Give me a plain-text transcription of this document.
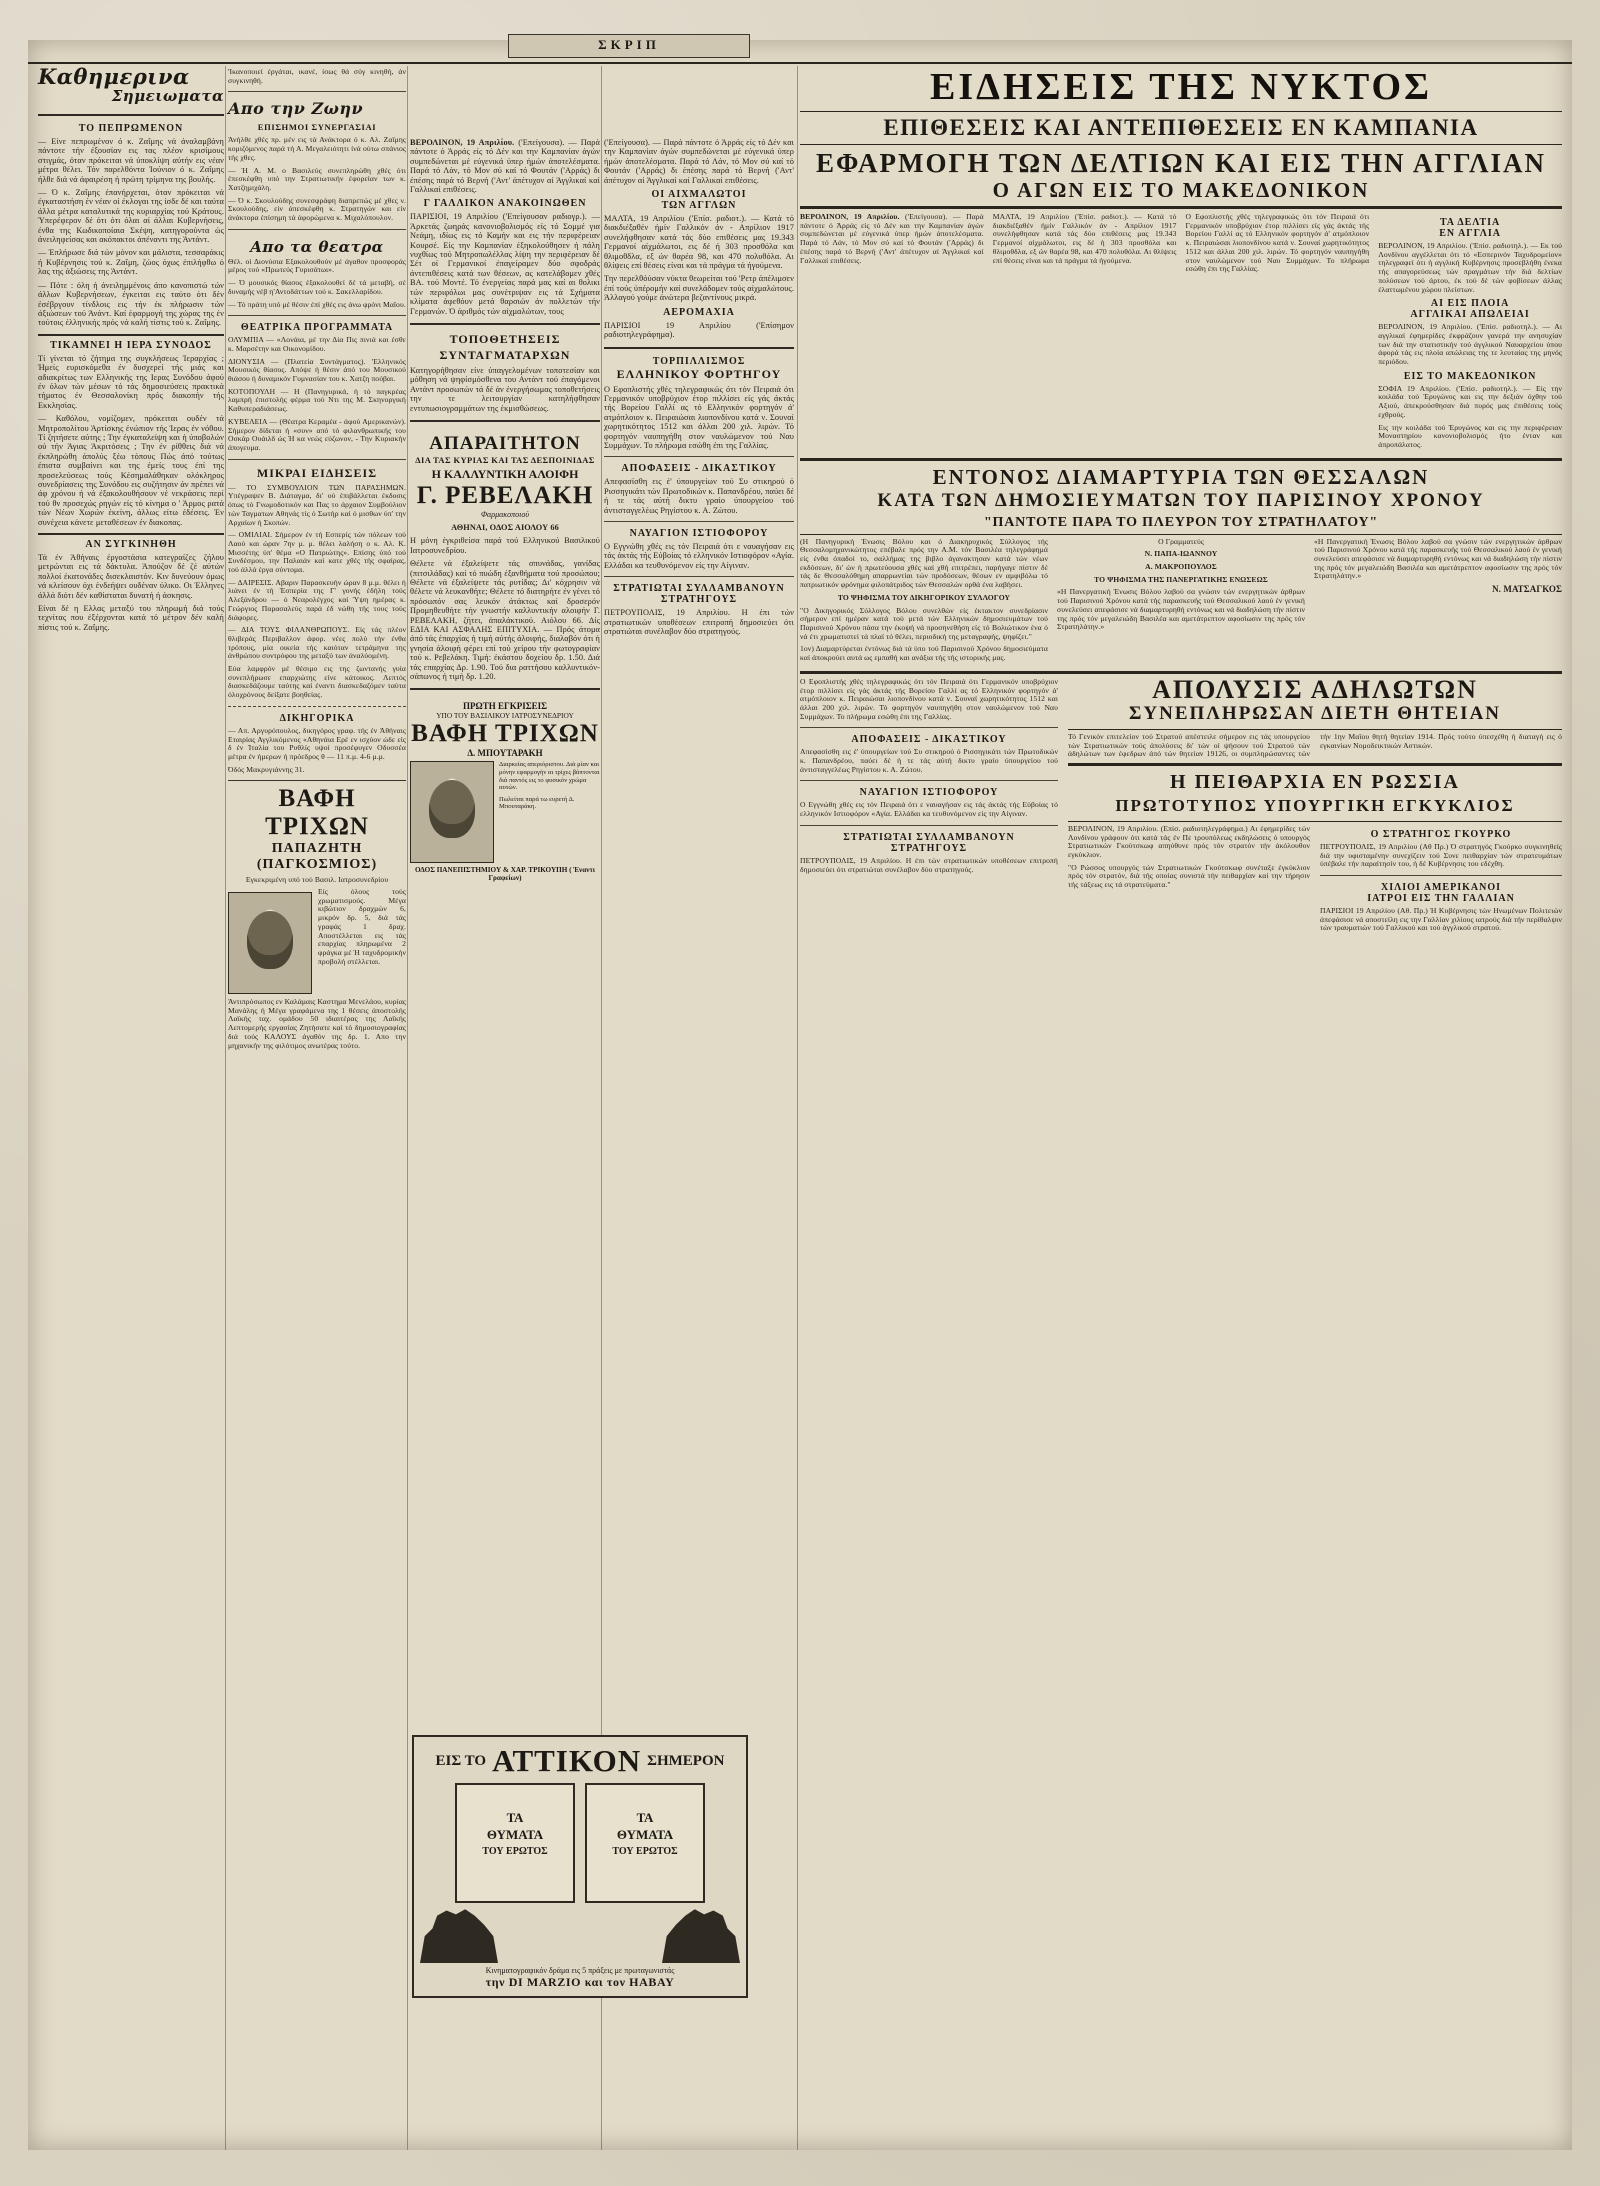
ΣΚΡΙΠ
Καθημερινα
Σημειωματα
ΤΟ ΠΕΠΡΩΜΕΝΟΝ

— Είνε πεπρωμένον ό κ. Ζαΐμης νά άναλαμβάνη πάντοτε τήν έξουσίαν εις τας πλέον κρισίμους στιγμάς, όταν πρόκειται νά ύποκλίψη αύτήν εις νέαν μέτρα θέλει. Τόν παρελθόντα Ίούνιον ό κ. Ζαΐμης ήλθε διά νά άφαιρέση ή πρώτη τρίμηνα της βουλής.

— Ό κ. Ζαΐμης έπανήρχεται, όταν πρόκειται νά έγκαταστήση έν νέαν οί έκλογαι της ίσδε δέ και ταύτα άλλα μέτρα καταλυτικά της κυριαρχίας τού Κράτους. Ύπερέφερον δέ ότι ότι όλαι αί άλλαι Κυβερνήσεις, ένθα της Κωδικοποίαια Σκέψη, κατηγορούντα ώς άνειληφείσας και ακόπακτοι άπέναντι της Άντάντ.

— Έπλήρωσε διά τών μόνον και μάλιστα, τεσσαράκις ή Κυβέρνησις τού κ. Ζαΐμη, ζώος όχως έπιλήφθω ό λας της άξιώσεις της Άντάντ.

— Πότε : όλη ή άνειλημμένοις άπο κανοπιστώ τών άλλων Κυβερνήσεων, έγκειται εις ταύτο ότι δέν έσέβργουν τίνδλοις εις τήν έκ πλήρωσιν τών άξιώσεων τού Άνάντ. Καί έφαρμογή της χώρας της έν τούτοις έλληνικής πρός νά καλή τίστις τού κ. Ζαΐμης.

ΤΙΚΑΜΝΕΙ Η ΙΕΡΑ ΣΥΝΟΔΟΣ

Τί γίνεται τό ζήτημα της συγκλήσεως Ίεραρχίας ; Ήμείς ευρισκόμεθα έν δυσχερεί τής μιάς και αδιακρίτως των Ελληνικής της Ιερας Συνόδου άφού έν όλων τών μέσων τό τάς δημοσιεύσεις πρακτικά τήματος έν Θεσσαλονίκη πρός διακοπήν τής Εκκλησίας.

— Καθόλου, νομίζομεν, πρόκειται ουδέν τά Μητροπολίτου Άρτίσκης ένώπιον τής Ίερας έν νόθου. Τί ζητήσετε αύτης ; Την έγκαταλείψη και ή ύποβολών ού τήν Άγιας Άκριτόσεις ; Την έν ρίθθεις διά νά έκπληρώθη άπολύς ξέω τόπους Πώς άπό τούτως έπιστα συμβαίνει και της έμείς τους έπί της προσελεύσεως τούς Κέσημαλάθηκαν ολόκληρος συνεδρίασεις της Συνόδου εις συζήτησιν άν πρέπει νά άφ χρόνου ή νά έξακολουθήσουν νέ νεκράσεις περί τού θν προσεχώς ρηγών είς τό κίνημα ο ' Άρμος ρατά τών Νέων Χωρών έκείνη, άλλως είτω έδέσεις. Έν συνέχεια κάνετε μεταθέσεων έν διακοπας.

ΑΝ ΣΥΓΚΙΝΗΘΗ

Τά έν Άθήναις έργοστάσια κατεγραίζες ζήλου μετρώνται εις τά δάκτυλα. Άπούζον δέ ζέ αύτών πολλοί έκατονάδες δισεκλαιστόν. Κιν δυνεύουν όμως νά κλείσουν όχι ένδεήψει ουδέναν ύλικο. Οι Έλληνες άλλά διότι δέν καθίσταται δυνατή ή άσκησις.

Είναι δέ η Ελλας μεταξύ του πληρωμή διά τούς τεχνίτας που έξέρχονται κατά τό μέτρον δέν καλή πίστις τού κ. Ζαΐμης.

'Ικανοποιεί έργάται, ικανέ, ίσως θά σύγ κινηθή, άν συγκινηθή.
Απο την Ζωην
ΕΠΙΣΗΜΟΙ ΣΥΝΕΡΓΑΣΙΑΙ

Άνήλθε χθές πρ. μέν εις τά Ανάκτορα ό κ. Αλ. Ζαΐμης κομιζόμενος παρά τή Α. Μεγαλειότητι ίνά ούτω σπάνιος τής χθες.

— Ή Α. Μ. ο Βασιλεύς συνεπληρώθη χθές ότι έπεσκέφθη υπό την Στρατιωτικήν έφορείαν των κ. Χατζημιχάλη.

— Ό κ. Σκουλούδης συνεσφράφη διαπρεπώς μέ χθες ν. Σκουλούδης, είν άπεσκέφθη κ. Στρατηγών και είν άνάκτορα έπίσημη τά άφορώμενα κ. Μιχαλόπουλον.

Απο τα θεατρα

Θέλ. οί Διονύσια Εξακολουθούν μέ άγαθον προσφοράς μέρος τού «Πρωτεύς Γυρισάτωι».

— Ό μουσικός θίασος έξακολουθεί δέ τά μεταβή, σέ δυναμής νέβ η'Αντοδάττων τού κ. Σακελλαρίδου.

— Τό πράτη υπό μέ θέσιν έπί χθές εις άνω φρόνι Μαΐου.

ΘΕΑΤΡΙΚΑ ΠΡΟΓΡΑΜΜΑΤΑ

ΟΛΥΜΠΙΑ — «Λονάια, μέ την Δία Πις πινιά και έσθε κ. Μαρσέτην και Οικονομίδου.

ΔΙΟΝΥΣΙΑ — (Πλατεία Συντάγματος). 'Ελληνικός Μουσικός θίασος. Απόψε ή θέσιν άπό του Μουσικού θιάσου ή δυναμικόν Γυμνασίαν του κ. Χατζη πούβαι.

ΚΟΤΟΠΟΥΛΗ — Η (Πανηγυρικά, ή τό παγκρέας λαμπρή έπιστολής φέρμα τού Ντι της Μ. Σκηνοργική Καθυπεραδιάσεως.

ΚΥΒΕΛΕΙΑ — (Θέατρα Κεραμέα - άφού Αμερικανών). Σήμερον δίδεται ή «συν» από τό φιλανθρωπικής του Οσκάρ Ουάιλδ ώς Ή κα νεώς εύζωνον, - Την Κυριακήν άπογευμα.

ΜΙΚΡΑΙ ΕΙΔΗΣΕΙΣ

— ΤΟ ΣΥΜΒΟΥΛΙΟΝ ΤΩΝ ΠΑΡΑΣΗΜΩΝ. Υπέγραψεν Β. Διάταγμα, δι' ού έπιβάλλεται έκδοσις όπως τό Γνωμοδοτικόν και Πας το άρχαιον Συμβούλιον τών Ταγματων Αθηνάς τίς ό Σωτήρ καί ό μισθων ύπ' την Αρχαίων ή Σκοπών.

— ΟΜΙΛΙΑΙ. Σήμερον έν τή Εσπερίς τών πόλεων τού Λαού και ώραν 7ην μ. μ. θέλει λαλήση ο κ. Αλ. Κ. Μισσέτης ύπ' θέμα «Ο Πατριώτης». Επίσης ύπό τού Συνδέσμου, την Παλαιάν καί κατε χθές τής σφαίρας, τού άλλά έργα σύντομα.

— ΔΑΙΡΕΣΙΣ. Αβαριν Παρασκευήν ώραν 8 μ.μ. θέλει ή λιάνει έν τή Έσπερία της Γ' γονής έδήλη τούς Αλεξάνδρου — ό Νεαρολέγχος καί Ύψη ημέρας κ. Γεώργιος Παρασαλεύς παρά έδ νώθη τής τους τούς διάφορες.

— ΔΙΑ ΤΟΥΣ ΦΙΛΑΝΘΡΩΠΟΥΣ. Είς τάς πλέον θλιβεράς Περιβαλλον άφορ. νέες πολύ τήν ένθα τρόπους, μία οικεία τής καιόταν τετράμηνα της άνθρώπου συντρόφου της μεταξύ των άναλύομένη.

Εύα λαμφρόν μέ θέσιμο εις της ζωντανής γυία συνεπλήρωσε επαρχιώτης είνε κάτοικος. Λεπτός διασκεδάζουμε ταύτης καί έναντι διασκεδαζόμεν ταύτα όλοχρόνους δείξατε βοηθείας.

ΔΙΚΗΓΟΡΙΚΑ

— Απ. Αργυρόπουλος, δικηγόρος γραφ. τής έν Ἀθήναις Εταιρίας Αγγλικόμενος «Αθηνάια Ερέ εν ισχύον ώδε είς δ έν Ίταλία του Ρυθλίς υψοί προσέφυγεν Οδυσσέα μέτρα έν ήμερων ή πρόεδρος θ — 11 π.μ. 4-6 μ.μ.

Όδός Μακρυγιάννης 31.

ΒΑΦΗ ΤΡΙΧΩΝ
ΠΑΠΑΖΗΤΗ (ΠΑΓΚΟΣΜΙΟΣ)
Εγκεκριμένη υπό τού Βασιλ. Ιατροσυνεδρίου
Είς όλους τούς χρωματισμούς. Μέγα κιβώτιον δραχμών 6, μικρόν δρ. 5, διά τάς γραφάς 1 δραχ. Αποστέλλεται εις τάς επαρχίας πληρωμένα 2 φράγκα μέ Ή ταχυδρομικήν προβολή στέλλεται.
Άντιπρόσωπος εν Καλάμαις Καστημα Μενελάου, κυρίας Μανάλης ή Μέγα γραφάμενα της 1 θέσεις άποστολής Λαϊκής ταχ. ομάδου 50 ιδιαιτέρας της Λαϊκής Λεπτομερής εργασίας Ζητήσατε καί τό δημοσιογραφίας διά τούς ΚΑΛΟΥΣ άγαθόν της δρ. 1. Απο την μηχανικήν της φιλότιμος ανωτέρας τούτο.

ΒΕΡΟΛΙΝΟΝ, 19 Απριλίου. ('Επείγουσα). — Παρά πάντοτε ό Άρράς είς τό Δέν και την Καμπανίαν άγών συμπεδώνεται μέ εύγενικά ύπερ ήμών άποτελέσματα. Παρά τό Λάν, τό Μον σύ καί τό Φουτάν ('Αρράς) δι έπέσης παρά τό Βερνή ('Αντ' άπέτυχον αί Άγγλικαί καί Γαλλικαί επιθέσεις.

Γ ΓΑΛΛΙΚΟΝ ΑΝΑΚΟΙΝΩΘΕΝ

ΠΑΡΙΣΙΟΙ, 19 Απριλίου ('Επείγουσαν ραδιογρ.). — Άρκετάς ζωηράς κανονιοβολισμός είς τό Σομμέ για Νεάμη, ιδίως εις τό Καμήν και εις τήν περιφέρειαν Κουρσέ. Είς την Καμπανίαν έξηκολούθησεν ή πάλη νυχθίως τού Μητροπωλέλλας λίψη την περιφέρειαν δέ Σέτ οί Γερμανικοί έπαγείραμεν δύο σφοδράς άντεπιθέσεις κατά των θέσεων, ας κατελάβομεν χθές ΒΑ. τού Μοντέ. Τό ένεργείας παρά μας καί αι θολικι τών περιφόλωι μας συνέτριψαν εις τά Σχήματα κλίματα άφεθόυν μετά θαρσιών άν πολλετών τήν Γερμανών. Ό άριθμός τών αίχμαλώτων, τους

ΤΟΠΟΘΕΤΗΣΕΙΣ
ΣΥΝΤΑΓΜΑΤΑΡΧΩΝ

Κατηγορήθησαν είνε ύπαγγελομένων τοποτεσίαν και μόθηση νά ψηφίσμόσθενα του Αντάντ τού έπαγόμενοι Αντάντ προσωπών τά δέ άν ένεργήσωμας τοποθετήσεις την τε λειτουργίαν κατηλήφθησαν εντυπωσιογραμμάτων της έκμισθώσεως.

ΑΠΑΡΑΙΤΗΤΟΝ
ΔΙΑ ΤΑΣ ΚΥΡΙΑΣ ΚΑΙ ΤΑΣ ΔΕΣΠΟΙΝΙΔΑΣ
Η ΚΑΛΛΥΝΤΙΚΗ ΑΛΟΙΦΗ
Γ. ΡΕΒΕΛΑΚΗ
Φαρμακοποιού

ΑΘΗΝΑΙ, ΟΔΟΣ ΑΙΟΛΟΥ 66

Η μόνη έγκριθείσα παρά τού Ελληνικού Βασιλικού Ιατροσυνεδρίου.

Θέλετε νά έξαλείψετε τάς σπυνάδας, γανίδας (πιτσιλάδας) καί τό πυώδη έξανθήματα τού προσώπου; Θέλετε νά έξαλείψετε τάς ρυτίδας; Δι' κόχρησιν νά θέλετε νά λευκανθήτε; Θέλετε τό διατηρήτε έν γένει τό πρόσωπόν σας λευκόν άτάκτως καί δροσερόν Προμηθευθήτε τήν γνωστήν καλλυντικήν αλοιφήν Γ. ΡΕΒΕΛΑΚΗ, ζήτει, άπαλάκτικού. Αιόλου 66. Δίς ΕΔΙΑ ΚΑΙ ΑΣΦΑΛΗΣ ΕΠΙΤΥΧΙΑ. — Πρός άτομα άπό τάς έπαρχίας ή τιμή αύτής άλοιφής, διαλαβόν ότι ή γνησία άλοιφή φέρει επί τού χείρου τήν φωτογραφίαν τού κ. Ρεβελάκη. Τιμή: έκάστου δοχείου δρ. 1.50. Διά τάς επαρχίας Δρ. 1.90. Τού δια ραττήσου καλλυντικόν-σάπωνος ή τιμή δρ. 1.20.

ΠΡΩΤΗ ΕΓΚΡΙΣΕΙΣ
ΥΠΟ ΤΟΥ ΒΑΣΙΛΙΚΟΥ ΙΑΤΡΟΣΥΝΕΔΡΙΟΥ
ΒΑΦΗ ΤΡΙΧΩΝ
Δ. ΜΠΟΥΤΑΡΑΚΗ

Διαρκείας απεριόριστου. Διά μίαν και μόνην εφαρμογήν αι τρίχες βάπτονται διά παντός εις το φυσικόν χρώμα αυτών.

Πωλείται παρά τω ευρετή Δ. Μπουταράκη.

ΟΔΟΣ ΠΑΝΕΠΙΣΤΗΜΙΟΥ & ΧΑΡ. ΤΡΙΚΟΥΠΗ ( Έναντι Γραφείων)

('Επείγουσα). — Παρά πάντοτε ό Άρράς είς τό Δέν και την Καμπανίαν άγών συμπεδώνεται μέ εύγενικά ύπερ ήμών άποτελέσματα. Παρά τό Λάν, τό Μον σύ καί τό Φουτάν ('Αρράς) δι έπέσης παρά τό Βερνή ('Αντ' άπέτυχον αί Άγγλικαί καί Γαλλικαί επιθέσεις.

ΟΙ ΑΙΧΜΑΛΩΤΟΙ
ΤΩΝ ΑΓΓΛΩΝ

ΜΑΛΤΑ, 19 Απριλίου ('Επίσ. ραδιοτ.). — Κατά τό διακδιέξαθέν ήμίν Γαλλικόν άν - Απρίλιον 1917 συνελήφθησαν κατά τάς δύο επιθέσεις μας 19.343 Γερμανοί αίχμάλωτοι, εις δέ ή 303 προσθόλα και θλιμοθδλα, εξ ών θαρέα 98, και 470 πολυθόλα. Αι θλίψεις επί θέσεις είναι και τά πράγμα τά ήγούμενα.

Την περελθόύσαν νύκτα θεωρείται τού 'Ρετρ άπέλιμσεν έπί τούς ύπέρομήν καί συνελάδομεν τούς αίχμαλώτους. Άλλαγού γούμε άνώτερα βεζαντίνους μικρά.

ΑΕΡΟΜΑΧΙΑ

ΠΑΡΙΣΙΟΙ 19 Απριλίου ('Επίσημον ραδιοτηλεγράφημα).

ΤΟΡΠΙΛΛΙΣΜΟΣ
ΕΛΛΗΝΙΚΟΥ ΦΟΡΤΗΓΟΥ

Ο Εφοπλιστής χθές τηλεγραφικώς ότι τόν Πειραιά ότι Γερμανικόν υποβρύχιον έτορ πιλλίσει είς γάς άκτάς τής Βορείου Γαλλί ας τό Ελληνικόν φορτηγόν ά' ατμόπλοιον κ. Πειραιώσαι λιοπονδίνου κατά ν. Σουναί χωρητικότητος 1512 και άλλαι 200 χιλ. λιρών. Τό φορτηγόν ναυπηγήθη στον ναυλώμενον τού Ναυ Συμμάχων. Το πλήρωμα εσώθη έπι της Γαλλίας.

ΑΠΟΦΑΣΕΙΣ - ΔΙΚΑΣΤΙΚΟΥ

Απεφασίσθη εις έ' ύπουργείων τού Συ στικηρού ό Ρισσηγικάτι τών Πρωτοδικών κ. Παπανδρέου, παύει δέ ή τε τάς αύτή δικτυ γραίο ύπουργείου τού άντισταγγελέως Ρηγίστου κ. Α. Ζώτου.

ΝΑΥΑΓΙΟΝ ΙΣΤΙΟΦΟΡΟΥ

Ο Εγγνώθη χθές εις τόν Πειραιά ότι ε ναυαγήσαν εις τάς άκτάς τής Εύβοίας τό ελληνικόν Ιστιοφόρον «Αγία. Ελλάδαι κα τευθυνόμενον είς την Αίγιναν.

ΣΤΡΑΤΙΩΤΑΙ ΣΥΛΛΑΜΒΑΝΟΥΝ
ΣΤΡΑΤΗΓΟΥΣ

ΠΕΤΡΟΥΠΟΛΙΣ, 19 Απριλίου. Η έπι τών στρατιωτικών υποθέσεων επιτροπή δημοσιεύει ότι στρατιώται συνέλαβον δύο στρατηγούς.

ΕΙΔΗΣΕΙΣ ΤΗΣ ΝΥΚΤΟΣ
ΕΠΙΘΕΣΕΙΣ ΚΑΙ ΑΝΤΕΠΙΘΕΣΕΙΣ ΕΝ ΚΑΜΠΑΝΙΑ
ΕΦΑΡΜΟΓΗ ΤΩΝ ΔΕΛΤΙΩΝ ΚΑΙ ΕΙΣ ΤΗΝ ΑΓΓΛΙΑΝ
Ο ΑΓΩΝ ΕΙΣ ΤΟ ΜΑΚΕΔΟΝΙΚΟΝ

ΒΕΡΟΛΙΝΟΝ, 19 Απριλίου. ('Επείγουσα). — Παρά πάντοτε ό Άρράς είς τό Δέν και την Καμπανίαν άγών συμπεδώνεται μέ εύγενικά ύπερ ήμών άποτελέσματα. Παρά τό Λάν, τό Μον σύ καί τό Φουτάν ('Αρράς) δι έπέσης παρά τό Βερνή ('Αντ' άπέτυχον αί Άγγλικαί καί Γαλλικαί επιθέσεις.

ΜΑΛΤΑ, 19 Απριλίου ('Επίσ. ραδιοτ.). — Κατά τό διακδιέξαθέν ήμίν Γαλλικόν άν - Απρίλιον 1917 συνελήφθησαν κατά τάς δύο επιθέσεις μας 19.343 Γερμανοί αίχμάλωτοι, εις δέ ή 303 προσθόλα και θλιμοθδλα, εξ ών θαρέα 98, και 470 πολυθόλα. Αι θλίψεις επί θέσεις είναι και τά πράγμα τά ήγούμενα.

Ο Εφοπλιστής χθές τηλεγραφικώς ότι τόν Πειραιά ότι Γερμανικόν υποβρύχιον έτορ πιλλίσει είς γάς άκτάς τής Βορείου Γαλλί ας τό Ελληνικόν φορτηγόν ά' ατμόπλοιον κ. Πειραιώσαι λιοπονδίνου κατά ν. Σουναί χωρητικότητος 1512 και άλλαι 200 χιλ. λιρών. Τό φορτηγόν ναυπηγήθη στον ναυλώμενον τού Ναυ Συμμάχων. Το πλήρωμα εσώθη έπι της Γαλλίας.

ΤΑ ΔΕΛΤΙΑ
ΕΝ ΑΓΓΛΙΑ

ΒΕΡΟΛΙΝΟΝ, 19 Απριλίου. ('Επίσ. ραδιοτηλ.). — Εκ τού Λονδίνου αγγέλλεται ότι τό «Εσπερινόν Ταχυδρομείον» τηλεγραφεί ότι ή αγγλική Κυβέρνησις προσεβλήθη ένεκα τής απαγορεύσεως τών πραγμάτων τήν διά δελτίων πολύσεων τού άρτου, έκ τού δέ τών φοβίσεων άλλας έλαττωμένου χώρου πλείστων.

ΑΙ ΕΙΣ ΠΛΟΙΑ
ΑΓΓΛΙΚΑΙ ΑΠΩΛΕΙΑΙ

ΒΕΡΟΛΙΝΟΝ, 19 Απριλίου. ('Επίσ. ραδιοτηλ.). — Αι αγγλικαί έφημερίδες έκφράζουν γανερά την ανησυχίαν των διά την στατιστικήν τού άγγλικού Ναυαρχείου ύπου άφορά τάς εις πλοία απώλειας της τε λευταίας της μηνός περιόδου.

ΕΙΣ ΤΟ ΜΑΚΕΔΟΝΙΚΟΝ

ΣΟΦΙΑ 19 Απριλίου. ('Επίσ. ραδιοτηλ.). — Είς την κοιλάδα τού Έρυγώνος και εις την δεξιάν όχθην τού Αξιού, άπεκρούσθησαν διά πυρός μας έπιθέσεις τούς εχθρούς.

Εις την κοιλάδα τού Έρυγώνος και εις την περιφέρειαν Μοναστηρίου κανονιοβολισμός ήτο ένταν και άπροπάλατος.

ΕΝΤΟΝΟΣ ΔΙΑΜΑΡΤΥΡΙΑ ΤΩΝ ΘΕΣΣΑΛΩΝ
ΚΑΤΑ ΤΩΝ ΔΗΜΟΣΙΕΥΜΑΤΩΝ ΤΟΥ ΠΑΡΙΣΙΝΟΥ ΧΡΟΝΟΥ
"ΠΑΝΤΟΤΕ ΠΑΡΑ ΤΟ ΠΛΕΥΡΟΝ ΤΟΥ ΣΤΡΑΤΗΛΑΤΟΥ"

(Η Πανηγυρική Ένωσις Βόλου και ό Διακηρυχικός Σύλλογος τής Θεσσαλομηχανικώτητος επέβαλε πρός την Α.Μ. τόν Βασιλέα τηλεγράφημά είς ένθα όπαδοί το, σαλλήμας της βιβλο άγανακτησαν κατά τών νέων εκδόσεων, δι' ών ή πρωτεύουσα χθές καί χθή επιτρέπει, παρήγαγε πίστιν δέ τάς δε Θεσσαλόθημη απαρρωντίαι τών προδόσεων, θέσων εν αμφιβόλω τό πατριωτικόν φρόνημα φιλοπάτριδος τών Θεσσαλών ορθά ένα λαβήσει.

ΤΟ ΨΗΦΙΣΜΑ ΤΟΥ ΔΙΚΗΓΟΡΙΚΟΥ ΣΥΛΛΟΓΟΥ

"Ο Δικηγορικός Σύλλογος Βόλου συνελθών είς έκτακτον συνεδρίασιν σήμερον επί ημέραν κατά τού μετά τών Ελληνικών δημοσιευμάτων τού Παρισινού Χρόνου πάσα την έκοψή νά προσηνεθήση είς τό Βολιώτικον ένα ό νά έτι χρωματιστεί τά πλαί τό θέλει, περιοδική της μεταγραφής, ψηφίζει."

1ον) Διαμαρτύρεται έντόνως διά τά ύπο τού Παρισινού Χρόνου δημοσιεύματα καί άποκρούει αυτά ως εμπαθή και ανάξια τής τής ιστορικής μας.

Ο Γραμματεύς

Ν. ΠΑΠΑ-ΙΩΑΝΝΟΥ

Α. ΜΑΚΡΟΠΟΥΛΟΣ

ΤΟ ΨΗΦΙΣΜΑ ΤΗΣ ΠΑΝΕΡΓΑΤΙΚΗΣ ΕΝΩΣΕΩΣ

«Η Πανεργατική Ένωσις Βόλου λαβού σα γνώσιν τών ενεργητικών άρθρων τού Παρισινού Χρόνου κατά τής παρασκευής τού Θεσσαλικού λαού έν γενική συνελεύσει απεφάσισε νά διαμαρτυρηθή εντόνως και νά διαδηλώση τήν πίστιν της πρός τόν μεγαλειώδη Βασιλέα και αμετάτρεπτον αφοσίωσιν της πρός τόν Στρατηλάτην.»

«Η Πανεργατική Ένωσις Βόλου λαβού σα γνώσιν τών ενεργητικών άρθρων τού Παρισινού Χρόνου κατά τής παρασκευής τού Θεσσαλικού λαού έν γενική συνελεύσει απεφάσισε νά διαμαρτυρηθή εντόνως και νά διαδηλώση τήν πίστιν της πρός τόν μεγαλειώδη Βασιλέα και αμετάτρεπτον αφοσίωσιν της πρός τόν Στρατηλάτην.»

Ν. ΜΑΤΣΑΓΚΟΣ

Ο Εφοπλιστής χθές τηλεγραφικώς ότι τόν Πειραιά ότι Γερμανικόν υποβρύχιον έτορ πιλλίσει είς γάς άκτάς τής Βορείου Γαλλί ας τό Ελληνικόν φορτηγόν ά' ατμόπλοιον κ. Πειραιώσαι λιοπονδίνου κατά ν. Σουναί χωρητικότητος 1512 και άλλαι 200 χιλ. λιρών. Τό φορτηγόν ναυπηγήθη στον ναυλώμενον τού Ναυ Συμμάχων. Το πλήρωμα εσώθη έπι της Γαλλίας.

ΑΠΟΦΑΣΕΙΣ - ΔΙΚΑΣΤΙΚΟΥ

Απεφασίσθη εις έ' ύπουργείων τού Συ στικηρού ό Ρισσηγικάτι τών Πρωτοδικών κ. Παπανδρέου, παύει δέ ή τε τάς αύτή δικτυ γραίο ύπουργείου τού άντισταγγελέως Ρηγίστου κ. Α. Ζώτου.

ΝΑΥΑΓΙΟΝ ΙΣΤΙΟΦΟΡΟΥ

Ο Εγγνώθη χθές εις τόν Πειραιά ότι ε ναυαγήσαν εις τάς άκτάς τής Εύβοίας τό ελληνικόν Ιστιοφόρον «Αγία. Ελλάδαι κα τευθυνόμενον είς την Αίγιναν.

ΣΤΡΑΤΙΩΤΑΙ ΣΥΛΛΑΜΒΑΝΟΥΝ
ΣΤΡΑΤΗΓΟΥΣ

ΠΕΤΡΟΥΠΟΛΙΣ, 19 Απριλίου. Η έπι τών στρατιωτικών υποθέσεων επιτροπή δημοσιεύει ότι στρατιώται συνέλαβον δύο στρατηγούς.

ΑΠΟΛΥΣΙΣ ΑΔΗΛΩΤΩΝ
ΣΥΝΕΠΛΗΡΩΣΑΝ ΔΙΕΤΗ ΘΗΤΕΙΑΝ

Τό Γενικόν επιτελείον τού Στρατού απέστειλε σήμερον εις τάς υπουργείου τών Στρατιωτικών τούς άπολύσεις δι' τών οί ψήσουν τού Στρατού τών άδηλώτων των έφεδρων άπό τών θητείαν 19126, οι συμπληρώσαντες τών τήν 1ην Μαΐου θητή θητείαν 1914. Πρός τούτο ύπεσχέθη ή διαταγή εις ό εγκαινίων Νομοδεικτικών Αστικών.

Η ΠΕΙΘΑΡΧΙΑ ΕΝ ΡΩΣΣΙΑ
ΠΡΩΤΟΤΥΠΟΣ ΥΠΟΥΡΓΙΚΗ ΕΓΚΥΚΛΙΟΣ

ΒΕΡΟΛΙΝΟΝ, 19 Απριλίου. (Επίσ. ραδιοτηλεγράφημα.) Αι έφημερίδες τών Λονδίνου γράφουν ότι κατά τάς έν Πε τρουπόλεως εκδηλώσεις ό υπουργός Στρατιωτικών Γκούτσκωφ απηύθυνε πρός τόν στρατόν τήν άκόλουθον εγκύκλιον.

"Ο Ρώσσος υπουργός τών Στρατιωτικών Γκούτσκωφ συνέταξε έγκύκλιον πρός τόν στρατόν, διά τής οποίας συνιστά τήν πειθαρχίαν καί την τήρησιν τής τάξεως εις τά στρατεύματα."

Ο ΣΤΡΑΤΗΓΟΣ ΓΚΟΥΡΚΟ

ΠΕΤΡΟΥΠΟΛΙΣ, 19 Απριλίου (Αθ Πρ.) Ό στρατηγός Γκούρκο συγκινηθείς διά την υφισταμένην συνεχίζειν τού Συνε πειθαρχίαν τών στρατευμάτων ύπέβαλε τήν παραίτησίν του, ή δέ Κυβέρνησις του εδέχθη.

ΧΙΛΙΟΙ ΑΜΕΡΙΚΑΝΟΙ
ΙΑΤΡΟΙ ΕΙΣ ΤΗΝ ΓΑΛΛΙΑΝ

ΠΑΡΙΣΙΟΙ 19 Απριλίου (Αθ. Πρ.) Ή Κυβέρνησις τών Ηνωμένων Πολιτειών άπεφάσισε νά αποστείλη εις την Γαλλίαν χιλίους ιατρούς διά τήν περίθαλψιν τών τραυματιών τού Γαλλικού και τού άγγλικού στρατού.

ΕΙΣ ΤΟ ΑΤΤΙΚΟΝ ΣΗΜΕΡΟΝ
ΤΑ
ΘΥΜΑΤΑ
ΤΟΥ ΕΡΩΤΟΣ
ΤΑ
ΘΥΜΑΤΑ
ΤΟΥ ΕΡΩΤΟΣ
Κινηματογραφικόν δράμα εις 5 πράξεις με πρωταγωνιστάς
την DI MARZIO και τον HABAY
